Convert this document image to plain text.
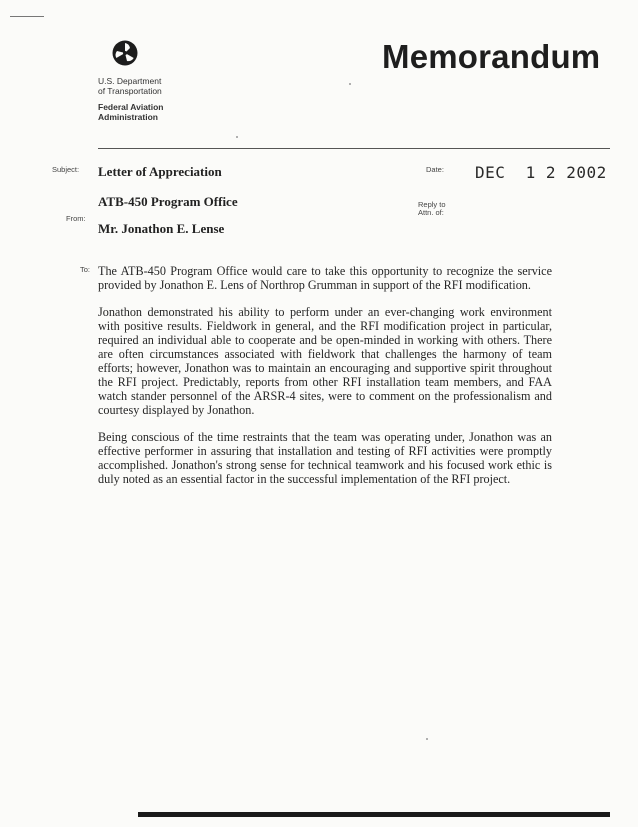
U.S. Department
of Transportation
Federal Aviation
Administration
Memorandum
Subject: Letter of Appreciation	Date: DEC  1 2 2002
ATB-450 Program Office	Reply to
Attn. of:
From:
Mr. Jonathon E. Lense
To: The ATB-450 Program Office would care to take this opportunity to recognize the service provided by Jonathon E. Lens of Northrop Grumman in support of the RFI modification.

Jonathon demonstrated his ability to perform under an ever-changing work environment with positive results. Fieldwork in general, and the RFI modification project in particular, required an individual able to cooperate and be open-minded in working with others. There are often circumstances associated with fieldwork that challenges the harmony of team efforts; however, Jonathon was to maintain an encouraging and supportive spirit throughout the RFI project. Predictably, reports from other RFI installation team members, and FAA watch stander personnel of the ARSR-4 sites, were to comment on the professionalism and courtesy displayed by Jonathon.

Being conscious of the time restraints that the team was operating under, Jonathon was an effective performer in assuring that installation and testing of RFI activities were promptly accomplished. Jonathon's strong sense for technical teamwork and his focused work ethic is duly noted as an essential factor in the successful implementation of the RFI project.
